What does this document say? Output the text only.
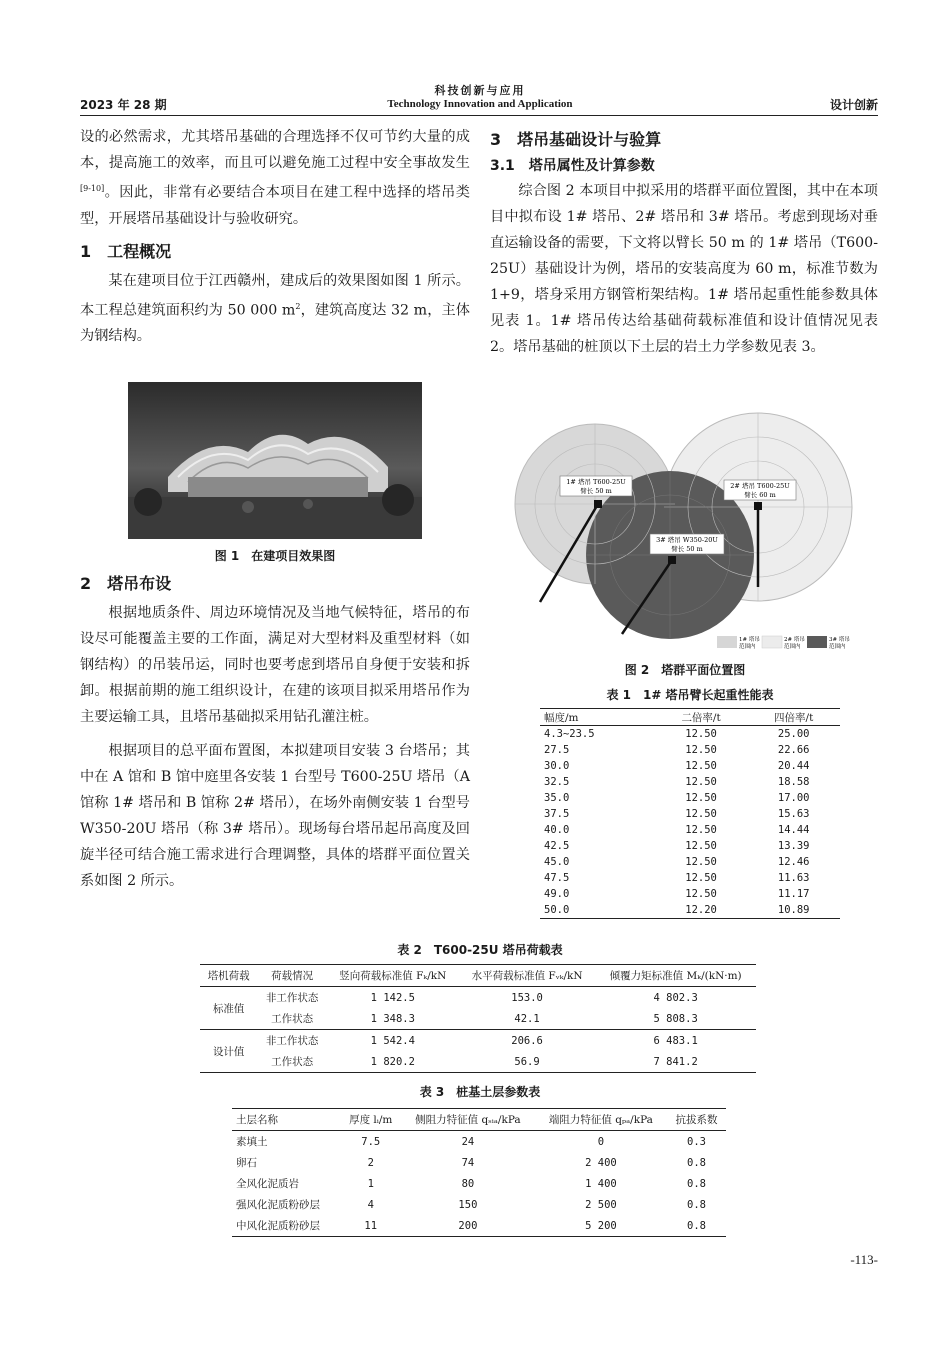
2023 年 28 期
科技创新与应用
Technology Innovation and Application	设计创新

设的必然需求，尤其塔吊基础的合理选择不仅可节约大量的成本，提高施工的效率，而且可以避免施工过程中安全事故发生[9-10]。因此，非常有必要结合本项目在建工程中选择的塔吊类型，开展塔吊基础设计与验收研究。

1　工程概况

某在建项目位于江西赣州，建成后的效果图如图 1 所示。本工程总建筑面积约为 50 000 $m^2$，建筑高度达 32 m，主体为钢结构。

图 1　在建项目效果图
2　塔吊布设

根据地质条件、周边环境情况及当地气候特征，塔吊的布设尽可能覆盖主要的工作面，满足对大型材料及重型材料（如钢结构）的吊装吊运，同时也要考虑到塔吊自身便于安装和拆卸。根据前期的施工组织设计，在建的该项目拟采用塔吊作为主要运输工具，且塔吊基础拟采用钻孔灌注桩。

根据项目的总平面布置图，本拟建项目安装 3 台塔吊；其中在 A 馆和 B 馆中庭里各安装 1 台型号 T600-25U 塔吊（A 馆称 1# 塔吊和 B 馆称 2# 塔吊），在场外南侧安装 1 台型号 W350-20U 塔吊（称 3# 塔吊）。现场每台塔吊起吊高度及回旋半径可结合施工需求进行合理调整，具体的塔群平面位置关系如图 2 所示。

3　塔吊基础设计与验算
3.1　塔吊属性及计算参数

综合图 2 本项目中拟采用的塔群平面位置图，其中在本项目中拟布设 1# 塔吊、2# 塔吊和 3# 塔吊。考虑到现场对垂直运输设备的需要，下文将以臂长 50 m 的 1# 塔吊（T600-25U）基础设计为例，塔吊的安装高度为 60 m，标准节数为 1+9，塔身采用方钢管桁架结构。1# 塔吊起重性能参数具体见表 1。1# 塔吊传达给基础荷载标准值和设计值情况见表 2。塔吊基础的桩顶以下土层的岩土力学参数见表 3。

1# 塔吊 T600-25U
臂长 50 m
2# 塔吊 T600-25U
臂长 60 m
3# 塔吊 W350-20U
臂长 50 m
1# 塔吊
范围内
2# 塔吊
范围内
3# 塔吊
范围内
图 2　塔群平面位置图
表 1　1# 塔吊臂长起重性能表
幅度/m	二倍率/t	四倍率/t
4.3~23.5	12.50	25.00
27.5	12.50	22.66
30.0	12.50	20.44
32.5	12.50	18.58
35.0	12.50	17.00
37.5	12.50	15.63
40.0	12.50	14.44
42.5	12.50	13.39
45.0	12.50	12.46
47.5	12.50	11.63
49.0	12.50	11.17
50.0	12.20	10.89
表 2　T600-25U 塔吊荷载表
塔机荷载	荷载情况	竖向荷载标准值 Fₖ/kN	水平荷载标准值 Fᵥₖ/kN	倾覆力矩标准值 Mₖ/(kN·m)
标准值	非工作状态	1 142.5	153.0	4 802.3
	工作状态	1 348.3	42.1	5 808.3
设计值	非工作状态	1 542.4	206.6	6 483.1
	工作状态	1 820.2	56.9	7 841.2
表 3　桩基土层参数表
土层名称	厚度 lᵢ/m	侧阻力特征值 qₛᵢₐ/kPa	端阻力特征值 qₚₐ/kPa	抗拔系数
素填土	7.5	24	0	0.3
卵石	2	74	2 400	0.8
全风化泥质岩	1	80	1 400	0.8
强风化泥质粉砂层	4	150	2 500	0.8
中风化泥质粉砂层	11	200	5 200	0.8
-113-
